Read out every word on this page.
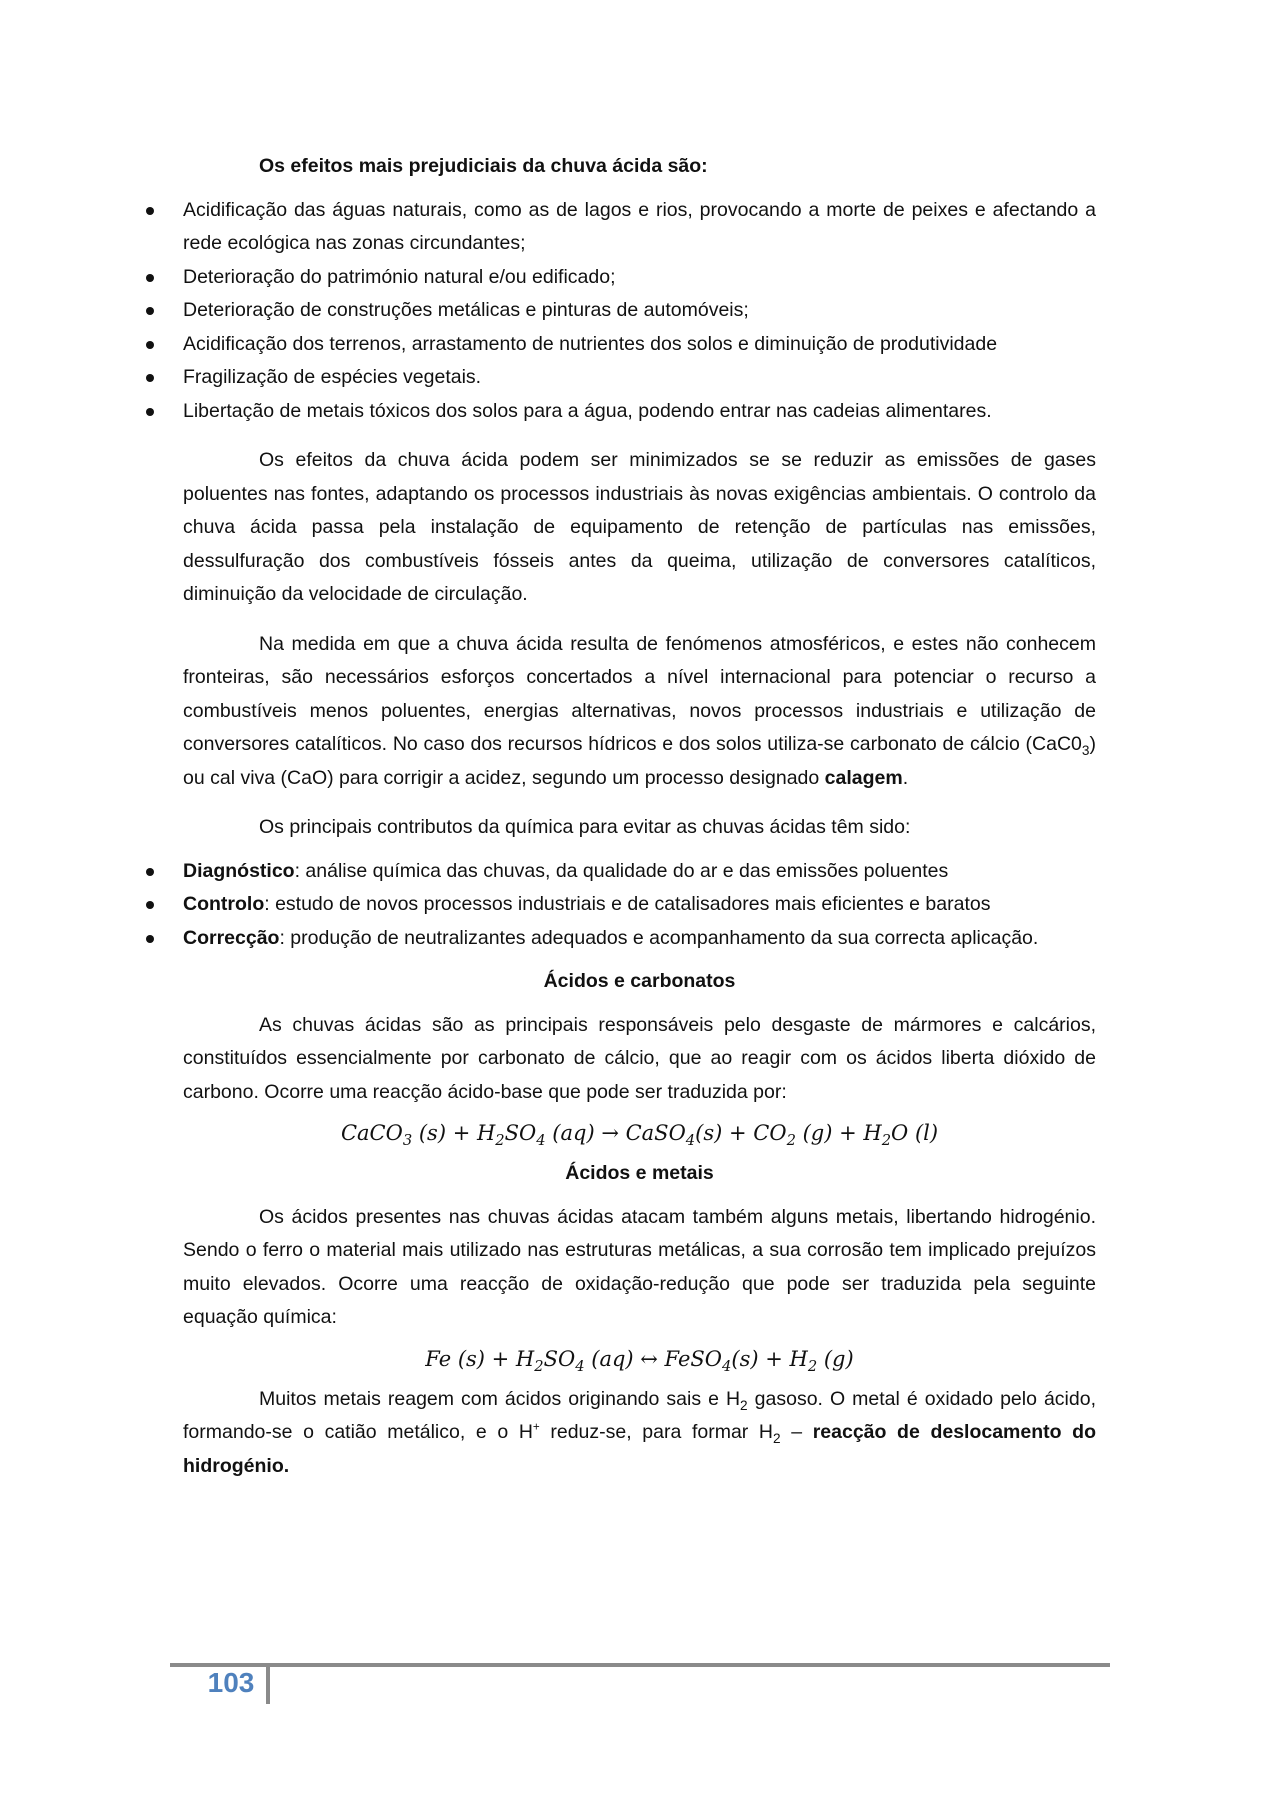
Os efeitos mais prejudiciais da chuva ácida são:
Acidificação das águas naturais, como as de lagos e rios, provocando a morte de peixes e afectando a rede ecológica nas zonas circundantes;
Deterioração do património natural e/ou edificado;
Deterioração de construções metálicas e pinturas de automóveis;
Acidificação dos terrenos, arrastamento de nutrientes dos solos e diminuição de produtividade
Fragilização de espécies vegetais.
Libertação de metais tóxicos dos solos para a água, podendo entrar nas cadeias alimentares.

Os efeitos da chuva ácida podem ser minimizados se se reduzir as emissões de gases poluentes nas fontes, adaptando os processos industriais às novas exigências ambientais. O controlo da chuva ácida passa pela instalação de equipamento de retenção de partículas nas emissões, dessulfuração dos combustíveis fósseis antes da queima, utilização de conversores catalíticos, diminuição da velocidade de circulação.

Na medida em que a chuva ácida resulta de fenómenos atmosféricos, e estes não conhecem fronteiras, são necessários esforços concertados a nível internacional para potenciar o recurso a combustíveis menos poluentes, energias alternativas, novos processos industriais e utilização de conversores catalíticos. No caso dos recursos hídricos e dos solos utiliza-se carbonato de cálcio $(CaC0_3)$ ou cal viva (CaO) para corrigir a acidez, segundo um processo designado calagem.

Os principais contributos da química para evitar as chuvas ácidas têm sido:

Diagnóstico: análise química das chuvas, da qualidade do ar e das emissões poluentes
Controlo: estudo de novos processos industriais e de catalisadores mais eficientes e baratos
Correcção: produção de neutralizantes adequados e acompanhamento da sua correcta aplicação.
Ácidos e carbonatos

As chuvas ácidas são as principais responsáveis pelo desgaste de mármores e calcários, constituídos essencialmente por carbonato de cálcio, que ao reagir com os ácidos liberta dióxido de carbono. Ocorre uma reacção ácido-base que pode ser traduzida por:

CaCO$_3$ $(s) + H_2SO_4$ (aq) → CaSO$_4$(s) + $CO_2$ $(g) + H_2O$ (l)
Ácidos e metais

Os ácidos presentes nas chuvas ácidas atacam também alguns metais, libertando hidrogénio. Sendo o ferro o material mais utilizado nas estruturas metálicas, a sua corrosão tem implicado prejuízos muito elevados. Ocorre uma reacção de oxidação-redução que pode ser traduzida pela seguinte equação química:

Fe $(s) + H_2SO_4$ (aq) ↔ FeSO$_4$(s) + $H_2$ (g)

Muitos metais reagem com ácidos originando sais e $H_2$ gasoso. O metal é oxidado pelo ácido, formando-se o catião metálico, e o H+ reduz-se, para formar $H_2$ – reacção de deslocamento do hidrogénio.

103
